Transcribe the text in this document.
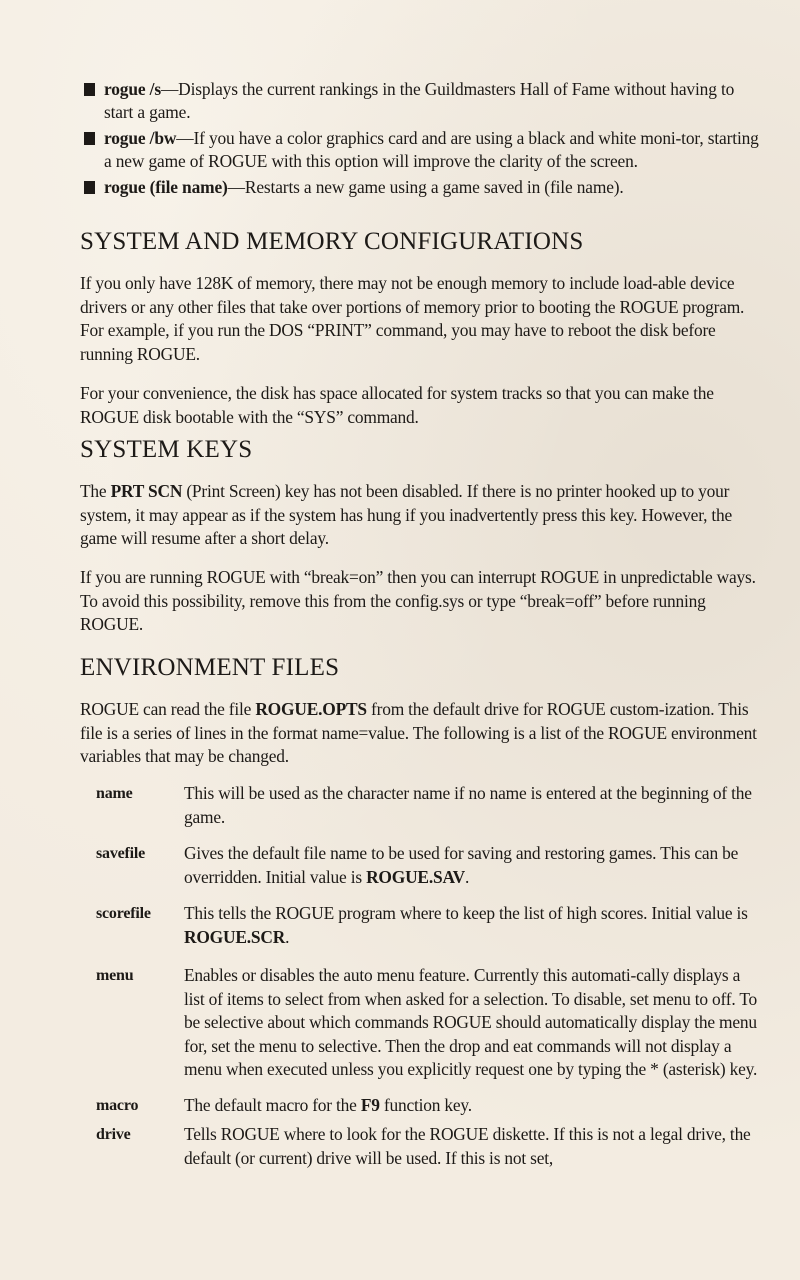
rogue /s—Displays the current rankings in the Guildmasters Hall of Fame without having to start a game.
rogue /bw—If you have a color graphics card and are using a black and white moni-tor, starting a new game of ROGUE with this option will improve the clarity of the screen.
rogue (file name)—Restarts a new game using a game saved in (file name).
SYSTEM AND MEMORY CONFIGURATIONS

If you only have 128K of memory, there may not be enough memory to include load-able device drivers or any other files that take over portions of memory prior to booting the ROGUE program. For example, if you run the DOS “PRINT” command, you may have to reboot the disk before running ROGUE.

For your convenience, the disk has space allocated for system tracks so that you can make the ROGUE disk bootable with the “SYS” command.

SYSTEM KEYS

The PRT SCN (Print Screen) key has not been disabled. If there is no printer hooked up to your system, it may appear as if the system has hung if you inadvertently press this key. However, the game will resume after a short delay.

If you are running ROGUE with “break=on” then you can interrupt ROGUE in unpredictable ways. To avoid this possibility, remove this from the config.sys or type “break=off” before running ROGUE.

ENVIRONMENT FILES

ROGUE can read the file ROGUE.OPTS from the default drive for ROGUE custom-ization. This file is a series of lines in the format name=value. The following is a list of the ROGUE environment variables that may be changed.

name	This will be used as the character name if no name is entered at the beginning of the game.
savefile	Gives the default file name to be used for saving and restoring games. This can be overridden. Initial value is ROGUE.SAV.
scorefile	This tells the ROGUE program where to keep the list of high scores. Initial value is ROGUE.SCR.
menu	Enables or disables the auto menu feature. Currently this automati-cally displays a list of items to select from when asked for a selection. To disable, set menu to off. To be selective about which commands ROGUE should automatically display the menu for, set the menu to selective. Then the drop and eat commands will not display a menu when executed unless you explicitly request one by typing the * (asterisk) key.
macro	The default macro for the F9 function key.
drive	Tells ROGUE where to look for the ROGUE diskette. If this is not a legal drive, the default (or current) drive will be used. If this is not set,
